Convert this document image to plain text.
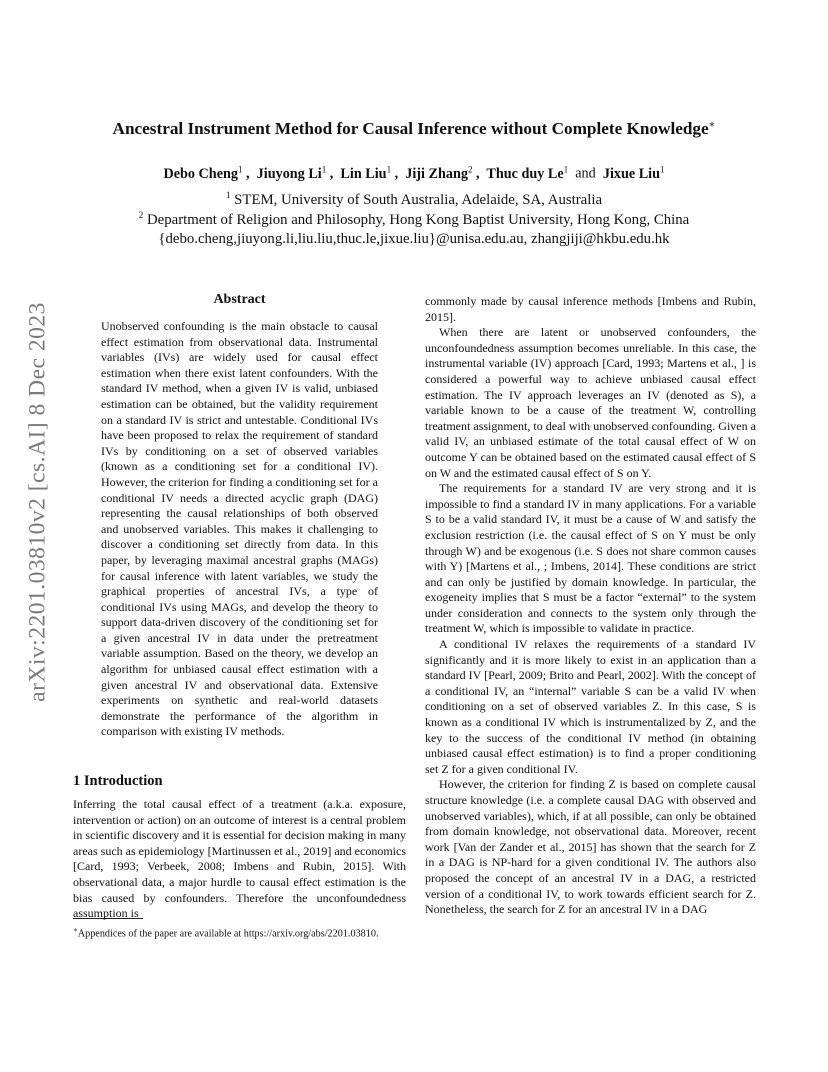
arXiv:2201.03810v2 [cs.AI] 8 Dec 2023
Ancestral Instrument Method for Causal Inference without Complete Knowledge∗
Debo Cheng$^1$ ,  Jiuyong Li$^1$ ,  Lin Liu$^1$ ,  Jiji Zhang$^2$ ,  Thuc duy Le$^1$ and Jixue Liu$^1$
$^1$ STEM, University of South Australia, Adelaide, SA, Australia
$^2$ Department of Religion and Philosophy, Hong Kong Baptist University, Hong Kong, China
{debo.cheng,jiuyong.li,liu.liu,thuc.le,jixue.liu}@unisa.edu.au, zhangjiji@hkbu.edu.hk
Abstract
Unobserved confounding is the main obstacle to causal effect estimation from observational data. Instrumental variables (IVs) are widely used for causal effect estimation when there exist latent confounders. With the standard IV method, when a given IV is valid, unbiased estimation can be obtained, but the validity requirement on a standard IV is strict and untestable. Conditional IVs have been proposed to relax the requirement of standard IVs by conditioning on a set of observed variables (known as a conditioning set for a conditional IV). However, the criterion for finding a conditioning set for a conditional IV needs a directed acyclic graph (DAG) representing the causal relationships of both observed and unobserved variables. This makes it challenging to discover a conditioning set directly from data. In this paper, by leveraging maximal ancestral graphs (MAGs) for causal inference with latent variables, we study the graphical properties of ancestral IVs, a type of conditional IVs using MAGs, and develop the theory to support data-driven discovery of the conditioning set for a given ancestral IV in data under the pretreatment variable assumption. Based on the theory, we develop an algorithm for unbiased causal effect estimation with a given ancestral IV and observational data. Extensive experiments on synthetic and real-world datasets demonstrate the performance of the algorithm in comparison with existing IV methods.
1 Introduction

Inferring the total causal effect of a treatment (a.k.a. exposure, intervention or action) on an outcome of interest is a central problem in scientific discovery and it is essential for decision making in many areas such as epidemiology [Martinussen et al., 2019] and economics [Card, 1993; Verbeek, 2008; Imbens and Rubin, 2015]. With observational data, a major hurdle to causal effect estimation is the bias caused by confounders. Therefore the unconfoundedness assumption is

∗Appendices of the paper are available at https://arxiv.org/abs/2201.03810.

commonly made by causal inference methods [Imbens and Rubin, 2015].

When there are latent or unobserved confounders, the unconfoundedness assumption becomes unreliable. In this case, the instrumental variable (IV) approach [Card, 1993; Martens et al., ] is considered a powerful way to achieve unbiased causal effect estimation. The IV approach leverages an IV (denoted as S), a variable known to be a cause of the treatment W, controlling treatment assignment, to deal with unobserved confounding. Given a valid IV, an unbiased estimate of the total causal effect of W on outcome Y can be obtained based on the estimated causal effect of S on W and the estimated causal effect of S on Y.

The requirements for a standard IV are very strong and it is impossible to find a standard IV in many applications. For a variable S to be a valid standard IV, it must be a cause of W and satisfy the exclusion restriction (i.e. the causal effect of S on Y must be only through W) and be exogenous (i.e. S does not share common causes with Y) [Martens et al., ; Imbens, 2014]. These conditions are strict and can only be justified by domain knowledge. In particular, the exogeneity implies that S must be a factor “external” to the system under consideration and connects to the system only through the treatment W, which is impossible to validate in practice.

A conditional IV relaxes the requirements of a standard IV significantly and it is more likely to exist in an application than a standard IV [Pearl, 2009; Brito and Pearl, 2002]. With the concept of a conditional IV, an “internal” variable S can be a valid IV when conditioning on a set of observed variables Z. In this case, S is known as a conditional IV which is instrumentalized by Z, and the key to the success of the conditional IV method (in obtaining unbiased causal effect estimation) is to find a proper conditioning set Z for a given conditional IV.

However, the criterion for finding Z is based on complete causal structure knowledge (i.e. a complete causal DAG with observed and unobserved variables), which, if at all possible, can only be obtained from domain knowledge, not observational data. Moreover, recent work [Van der Zander et al., 2015] has shown that the search for Z in a DAG is NP-hard for a given conditional IV. The authors also proposed the concept of an ancestral IV in a DAG, a restricted version of a conditional IV, to work towards efficient search for Z. Nonetheless, the search for Z for an ancestral IV in a DAG
